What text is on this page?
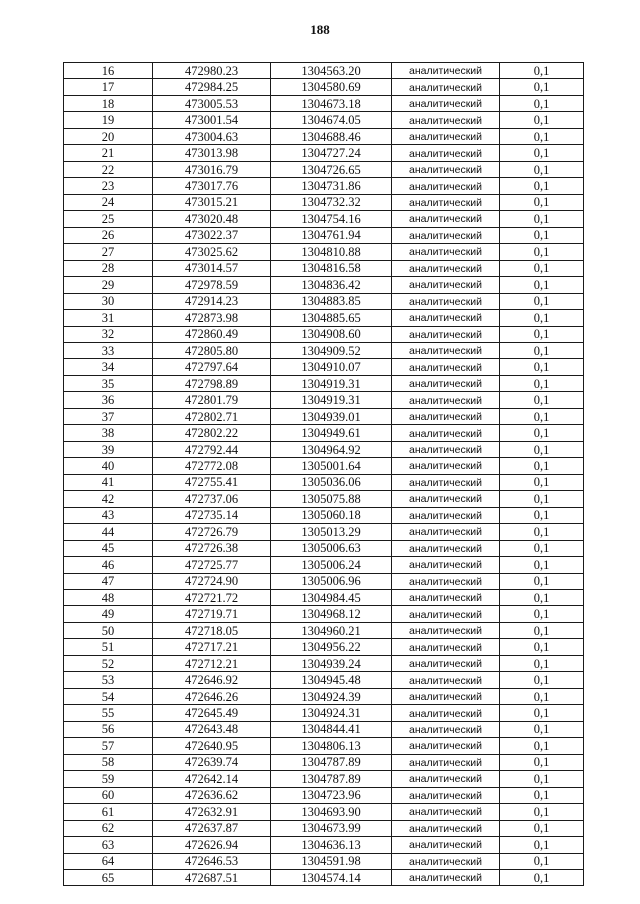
188
16	472980.23	1304563.20	аналитический	0,1
17	472984.25	1304580.69	аналитический	0,1
18	473005.53	1304673.18	аналитический	0,1
19	473001.54	1304674.05	аналитический	0,1
20	473004.63	1304688.46	аналитический	0,1
21	473013.98	1304727.24	аналитический	0,1
22	473016.79	1304726.65	аналитический	0,1
23	473017.76	1304731.86	аналитический	0,1
24	473015.21	1304732.32	аналитический	0,1
25	473020.48	1304754.16	аналитический	0,1
26	473022.37	1304761.94	аналитический	0,1
27	473025.62	1304810.88	аналитический	0,1
28	473014.57	1304816.58	аналитический	0,1
29	472978.59	1304836.42	аналитический	0,1
30	472914.23	1304883.85	аналитический	0,1
31	472873.98	1304885.65	аналитический	0,1
32	472860.49	1304908.60	аналитический	0,1
33	472805.80	1304909.52	аналитический	0,1
34	472797.64	1304910.07	аналитический	0,1
35	472798.89	1304919.31	аналитический	0,1
36	472801.79	1304919.31	аналитический	0,1
37	472802.71	1304939.01	аналитический	0,1
38	472802.22	1304949.61	аналитический	0,1
39	472792.44	1304964.92	аналитический	0,1
40	472772.08	1305001.64	аналитический	0,1
41	472755.41	1305036.06	аналитический	0,1
42	472737.06	1305075.88	аналитический	0,1
43	472735.14	1305060.18	аналитический	0,1
44	472726.79	1305013.29	аналитический	0,1
45	472726.38	1305006.63	аналитический	0,1
46	472725.77	1305006.24	аналитический	0,1
47	472724.90	1305006.96	аналитический	0,1
48	472721.72	1304984.45	аналитический	0,1
49	472719.71	1304968.12	аналитический	0,1
50	472718.05	1304960.21	аналитический	0,1
51	472717.21	1304956.22	аналитический	0,1
52	472712.21	1304939.24	аналитический	0,1
53	472646.92	1304945.48	аналитический	0,1
54	472646.26	1304924.39	аналитический	0,1
55	472645.49	1304924.31	аналитический	0,1
56	472643.48	1304844.41	аналитический	0,1
57	472640.95	1304806.13	аналитический	0,1
58	472639.74	1304787.89	аналитический	0,1
59	472642.14	1304787.89	аналитический	0,1
60	472636.62	1304723.96	аналитический	0,1
61	472632.91	1304693.90	аналитический	0,1
62	472637.87	1304673.99	аналитический	0,1
63	472626.94	1304636.13	аналитический	0,1
64	472646.53	1304591.98	аналитический	0,1
65	472687.51	1304574.14	аналитический	0,1
